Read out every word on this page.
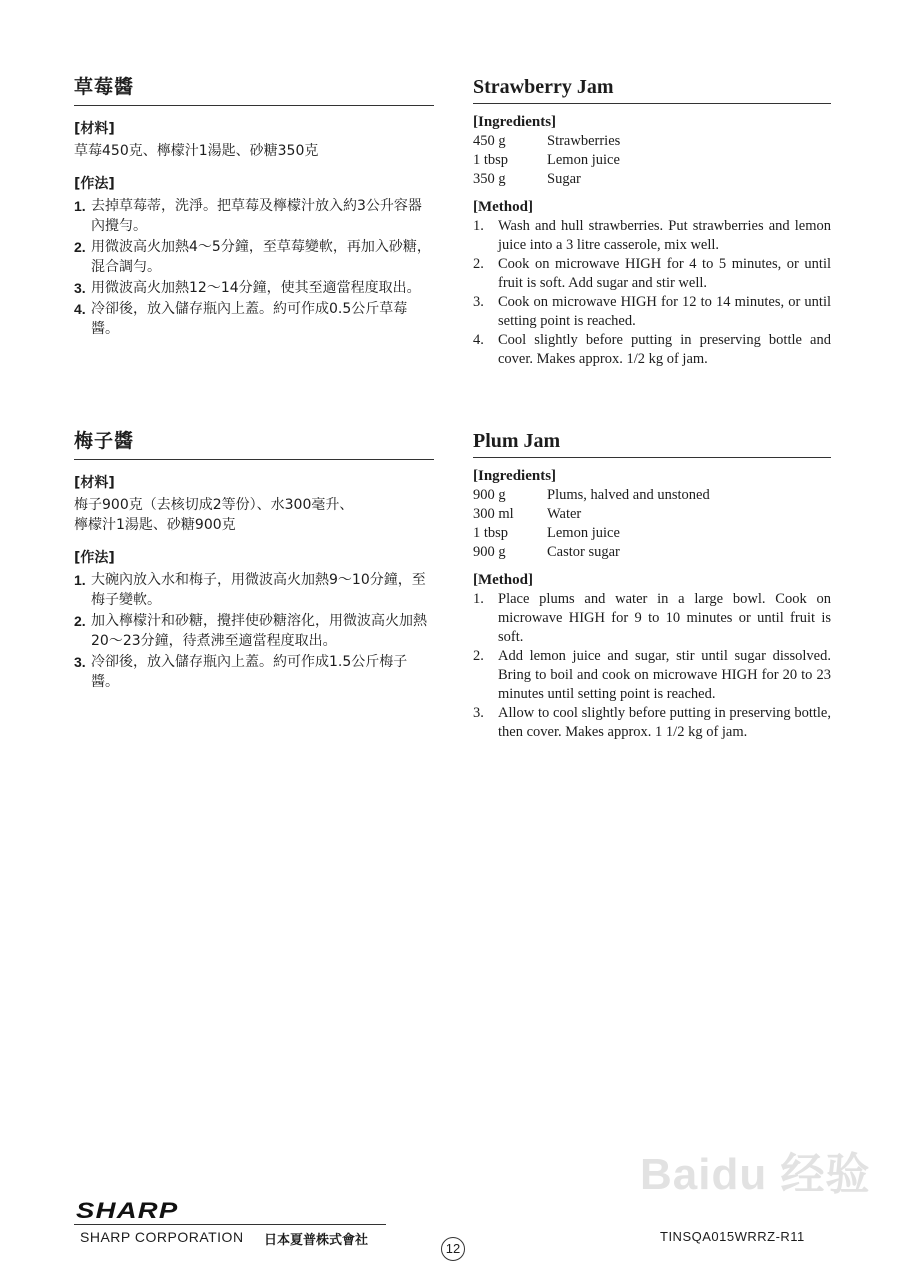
草莓醬
[材料]

草莓450克、檸檬汁1湯匙、砂糖350克

[作法]
1. 去掉草莓蒂，洗淨。把草莓及檸檬汁放入約3公升容器內攪勻。
2. 用微波高火加熱4～5分鐘，至草莓變軟，再加入砂糖，混合調勻。
3. 用微波高火加熱12～14分鐘，使其至適當程度取出。
4. 冷卻後，放入儲存瓶內上蓋。約可作成0.5公斤草莓醬。
梅子醬
[材料]

梅子900克（去核切成2等份）、水300毫升、

檸檬汁1湯匙、砂糖900克

[作法]
1. 大碗內放入水和梅子，用微波高火加熱9～10分鐘，至梅子變軟。
2. 加入檸檬汁和砂糖，攪拌使砂糖溶化，用微波高火加熱20～23分鐘，待煮沸至適當程度取出。
3. 冷卻後，放入儲存瓶內上蓋。約可作成1.5公斤梅子醬。
Strawberry Jam
[Ingredients]
450 g	Strawberries
1 tbsp	Lemon juice
350 g	Sugar
[Method]
1. Wash and hull strawberries. Put strawberries and lemon juice into a 3 litre casserole, mix well.
2. Cook on microwave HIGH for 4 to 5 minutes, or until fruit is soft. Add sugar and stir well.
3. Cook on microwave HIGH for 12 to 14 minutes, or until setting point is reached.
4. Cool slightly before putting in preserving bottle and cover. Makes approx. 1/2 kg of jam.
Plum Jam
[Ingredients]
900 g	Plums, halved and unstoned
300 ml	Water
1 tbsp	Lemon juice
900 g	Castor sugar
[Method]
1. Place plums and water in a large bowl. Cook on microwave HIGH for 9 to 10 minutes or until fruit is soft.
2. Add lemon juice and sugar, stir until sugar dissolved. Bring to boil and cook on microwave HIGH for 20 to 23 minutes until setting point is reached.
3. Allow to cool slightly before putting in preserving bottle, then cover. Makes approx. 1 1/2 kg of jam.
Baidu 经验
SHARP
SHARP CORPORATION 日本夏普株式會社
12
TINSQA015WRRZ-R11
